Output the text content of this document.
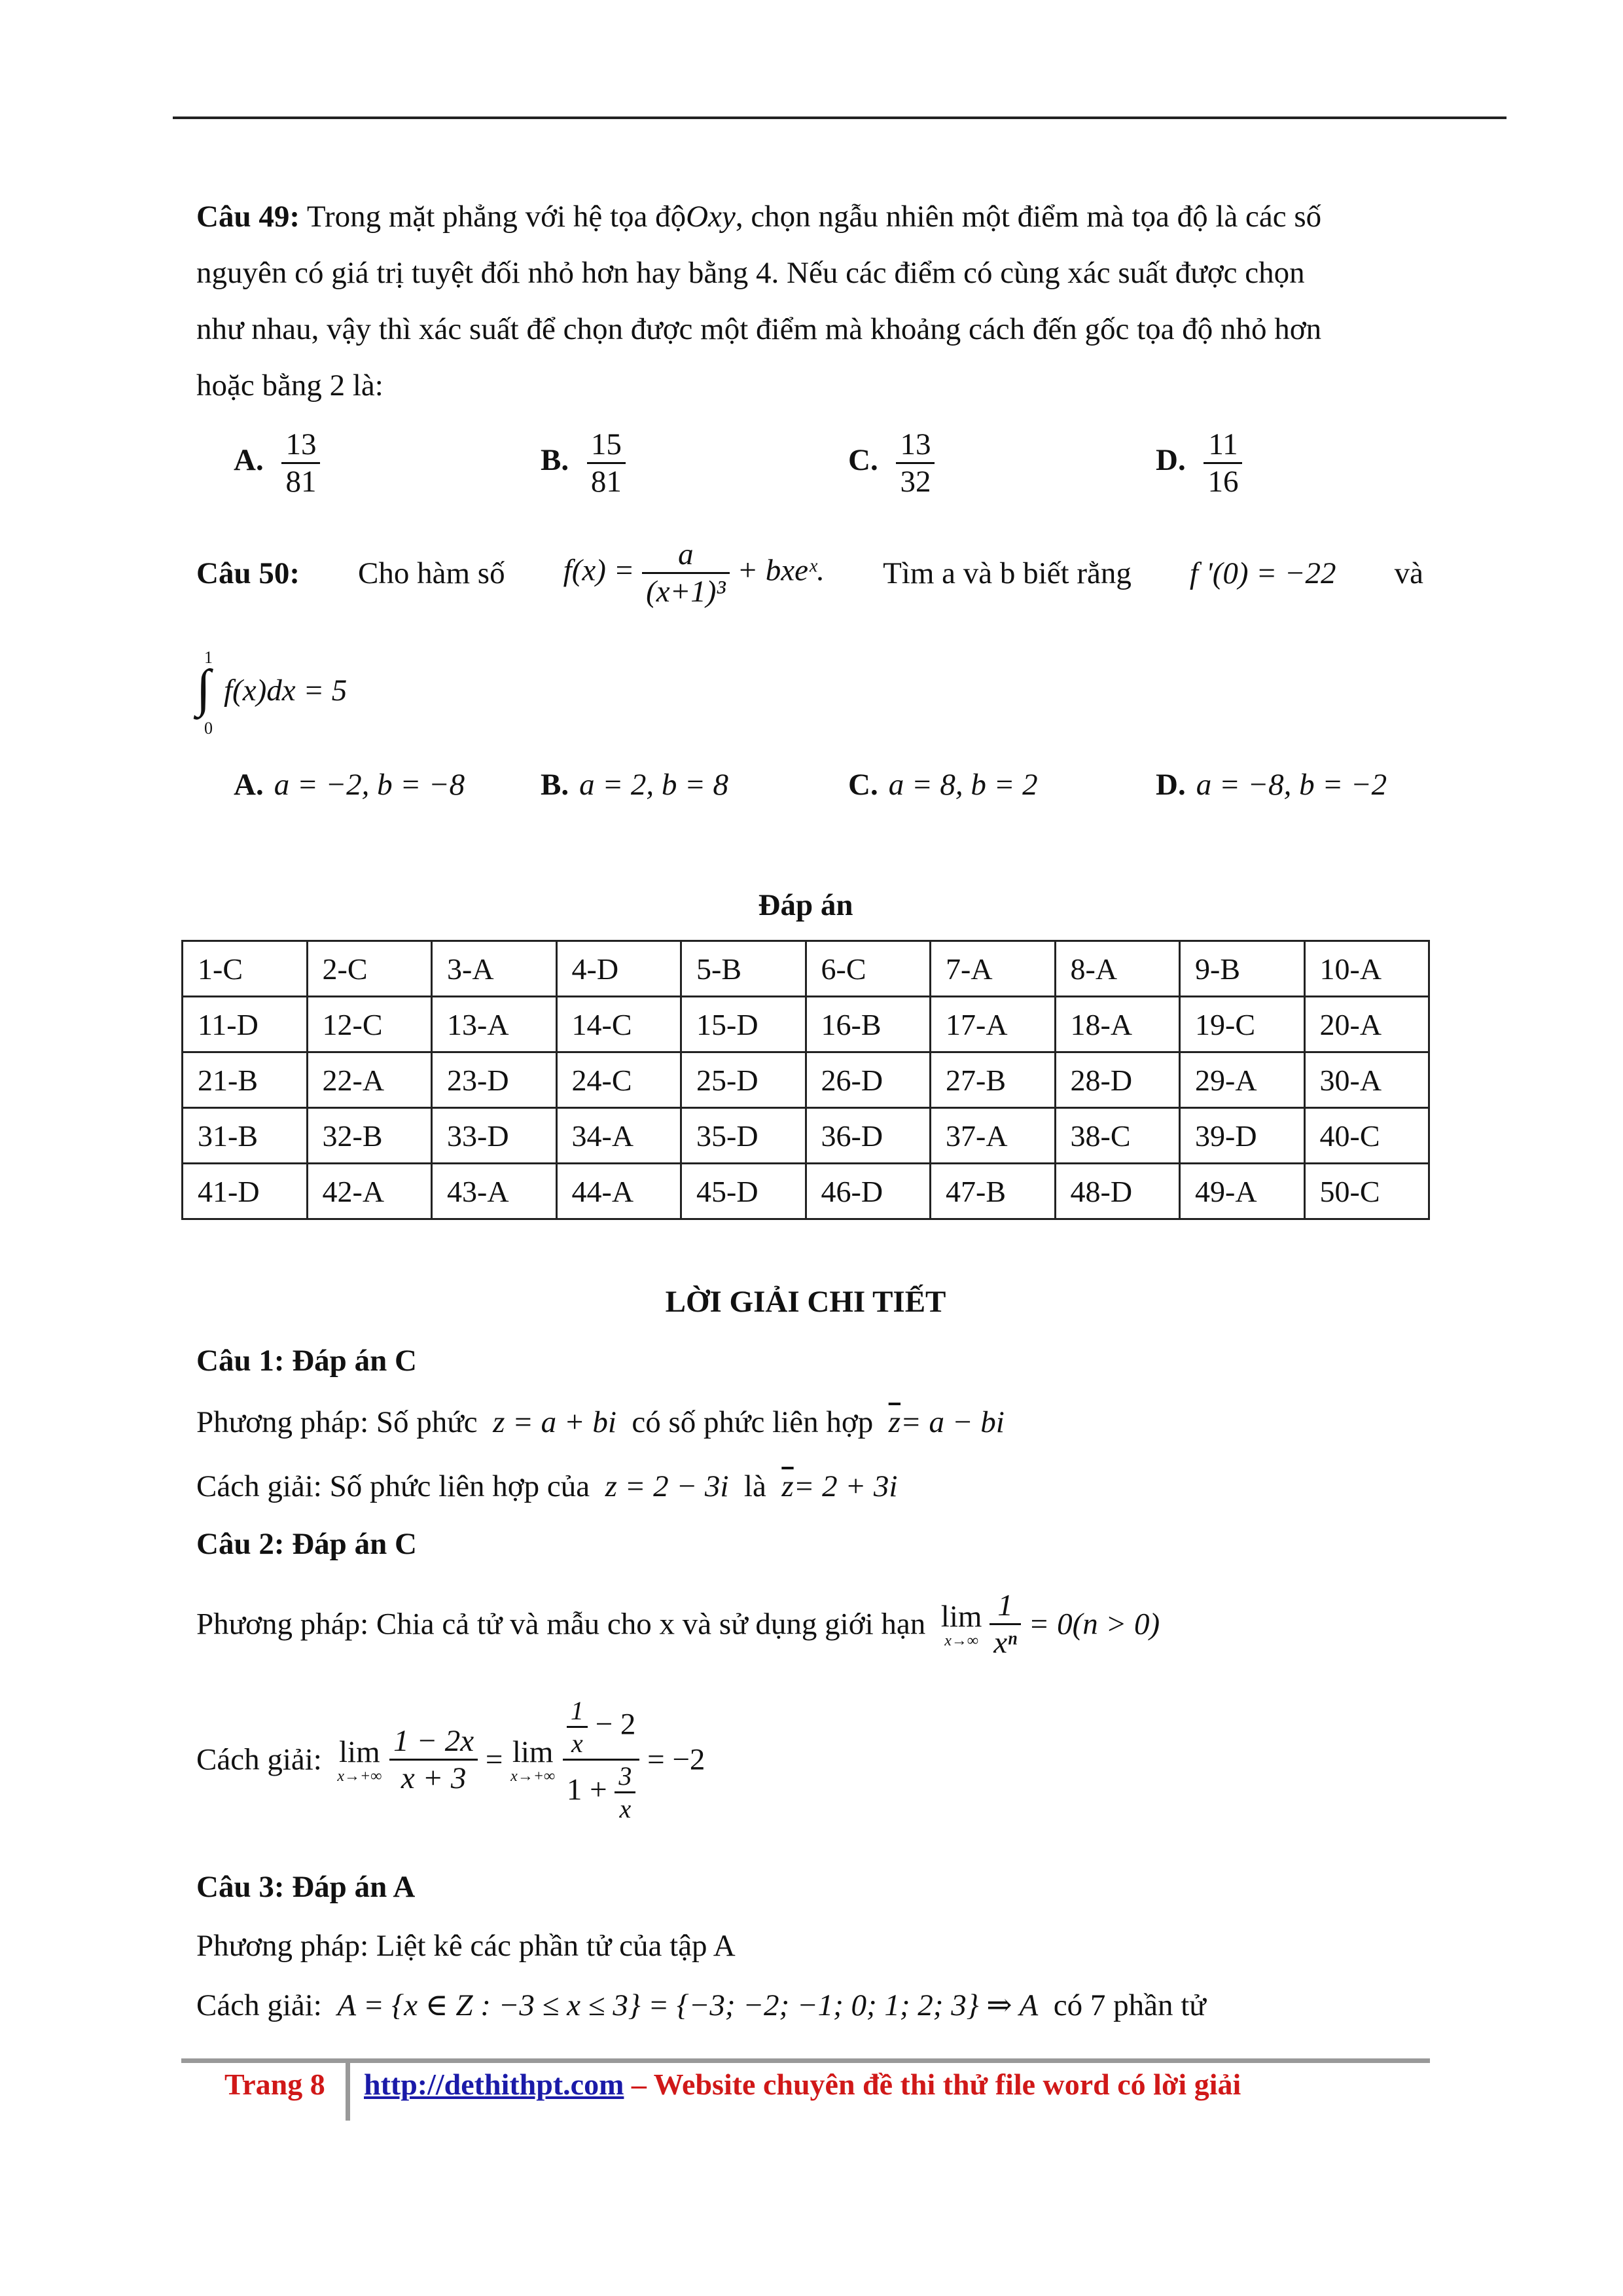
Câu 49: Trong mặt phẳng với hệ tọa độOxy, chọn ngẫu nhiên một điểm mà tọa độ là các số
nguyên có giá trị tuyệt đối nhỏ hơn hay bằng 4. Nếu các điểm có cùng xác suất được chọn
như nhau, vậy thì xác suất để chọn được một điểm mà khoảng cách đến gốc tọa độ nhỏ hơn
hoặc bằng 2 là:
A. $\frac{13}{81}$	B. $\frac{15}{81}$	C. $\frac{13}{32}$	D. $\frac{11}{16}$
Câu 50: Cho hàm số $f(x) = \frac{a}{\text{(x+1)³}}$ + bxeˣ. Tìm a và b biết rằng f '(0) = −22 và
1
∫
0
f(x)dx = 5
A. a = −2, b = −8 B. a = 2, b = 8	C. a = 8, b = 2	D. a = −8, b = −2
Đáp án
1-C	2-C	3-A	4-D	5-B	6-C	7-A	8-A	9-B	10-A
11-D	12-C	13-A	14-C	15-D	16-B	17-A	18-A	19-C	20-A
21-B	22-A	23-D	24-C	25-D	26-D	27-B	28-D	29-A	30-A
31-B	32-B	33-D	34-A	35-D	36-D	37-A	38-C	39-D	40-C
41-D	42-A	43-A	44-A	45-D	46-D	47-B	48-D	49-A	50-C
LỜI GIẢI CHI TIẾT
Câu 1: Đáp án C
Phương pháp: Số phức z = a + bi có số phức liên hợp $\overline{z}= a$ − bi
Cách giải: Số phức liên hợp của z = 2 − 3i là $\overline{z}= 2 + 3i$
Câu 2: Đáp án C
Phương pháp: Chia cả tử và mẫu cho x và sử dụng giới hạn lim
x→∞
$\frac{1}{\text{xⁿ}} = 0(n > 0)$
Cách giải: lim
x→+∞
$\frac{1 - 2x}{x + 3} = \lim$
x→+∞
$\frac{\frac{1}{x} - 2}{1 + \frac{3}{x}} = -2$
Câu 3: Đáp án A
Phương pháp: Liệt kê các phần tử của tập A
Cách giải: A = {x ∈ Z : −3 ≤ x ≤ 3} = {−3; −2; −1; 0; 1; 2; 3} ⇒ A có 7 phần tử
Trang 8 http://dethithpt.com – Website chuyên đề thi thử file word có lời giải
